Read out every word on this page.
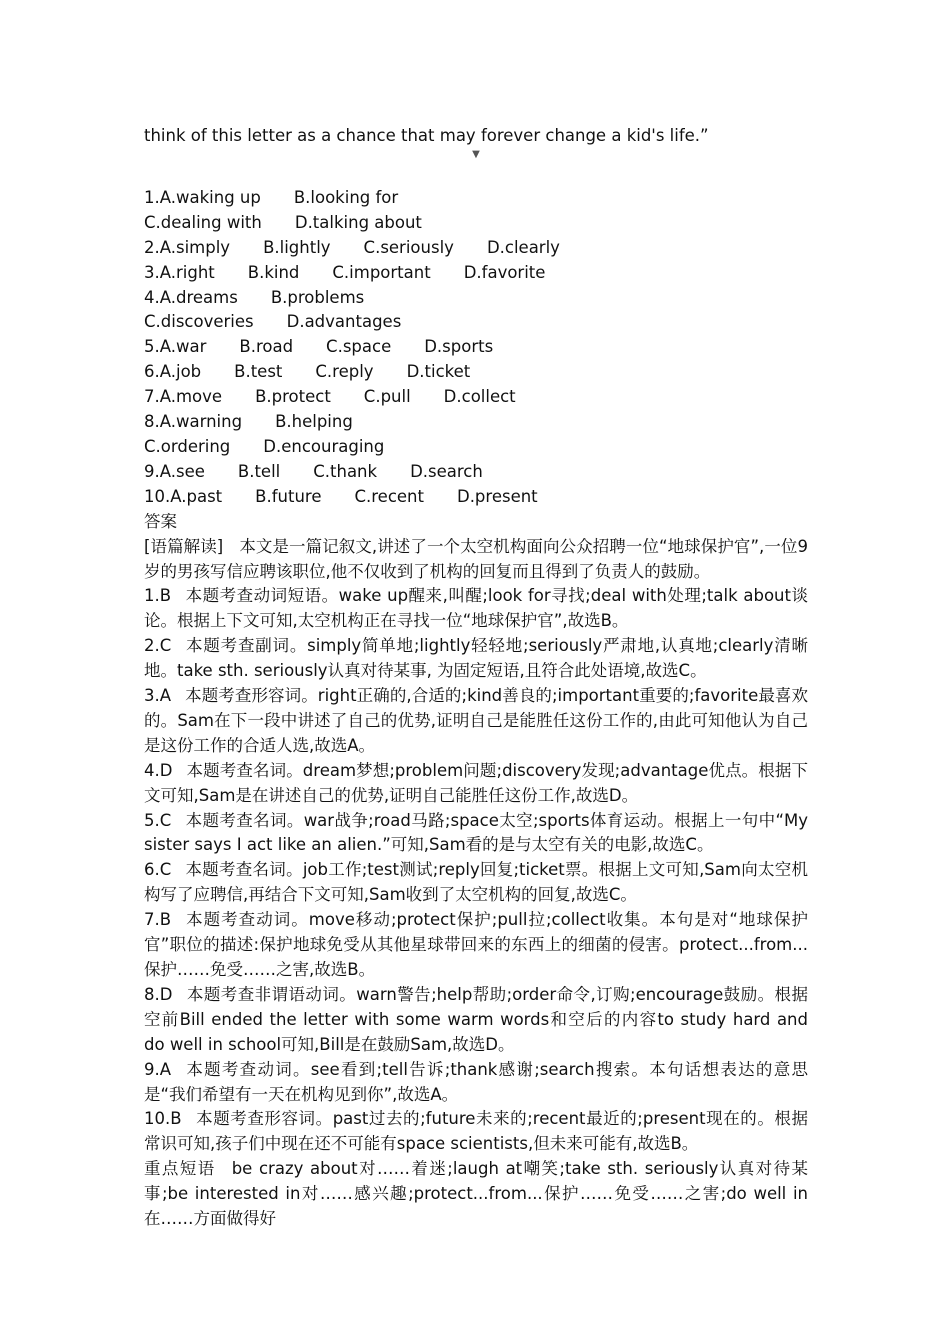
think of this letter as a chance that may forever change a kid's life.”

▼

1.A.waking up B.looking for

C.dealing with D.talking about

2.A.simply B.lightly C.seriously D.clearly

3.A.right B.kind C.important D.favorite

4.A.dreams B.problems

C.discoveries D.advantages

5.A.war B.road C.space D.sports

6.A.job B.test C.reply D.ticket

7.A.move B.protect C.pull D.collect

8.A.warning B.helping

C.ordering D.encouraging

9.A.see B.tell C.thank D.search

10.A.past B.future C.recent D.present

答案

[语篇解读] 本文是一篇记叙文,讲述了一个太空机构面向公众招聘一位“地球保护官”,一位9岁的男孩写信应聘该职位,他不仅收到了机构的回复而且得到了负责人的鼓励。

1.B 本题考查动词短语。wake up醒来,叫醒;look for寻找;deal with处理;talk about谈论。根据上下文可知,太空机构正在寻找一位“地球保护官”,故选B。

2.C 本题考查副词。simply简单地;lightly轻轻地;seriously严肃地,认真地;clearly清晰地。take sth. seriously认真对待某事, 为固定短语,且符合此处语境,故选C。

3.A 本题考查形容词。right正确的,合适的;kind善良的;important重要的;favorite最喜欢的。Sam在下一段中讲述了自己的优势,证明自己是能胜任这份工作的,由此可知他认为自己是这份工作的合适人选,故选A。

4.D 本题考查名词。dream梦想;problem问题;discovery发现;advantage优点。根据下文可知,Sam是在讲述自己的优势,证明自己能胜任这份工作,故选D。

5.C 本题考查名词。war战争;road马路;space太空;sports体育运动。根据上一句中“My sister says I act like an alien.”可知,Sam看的是与太空有关的电影,故选C。

6.C 本题考查名词。job工作;test测试;reply回复;ticket票。根据上文可知,Sam向太空机构写了应聘信,再结合下文可知,Sam收到了太空机构的回复,故选C。

7.B 本题考查动词。move移动;protect保护;pull拉;collect收集。本句是对“地球保护官”职位的描述:保护地球免受从其他星球带回来的东西上的细菌的侵害。protect...from...保护……免受……之害,故选B。

8.D 本题考查非谓语动词。warn警告;help帮助;order命令,订购;encourage鼓励。根据空前Bill ended the letter with some warm words和空后的内容to study hard and do well in school可知,Bill是在鼓励Sam,故选D。

9.A 本题考查动词。see看到;tell告诉;thank感谢;search搜索。本句话想表达的意思是“我们希望有一天在机构见到你”,故选A。

10.B 本题考查形容词。past过去的;future未来的;recent最近的;present现在的。根据常识可知,孩子们中现在还不可能有space scientists,但未来可能有,故选B。

重点短语 be crazy about对……着迷;laugh at嘲笑;take sth. seriously认真对待某事;be interested in对……感兴趣;protect...from...保护……免受……之害;do well in在……方面做得好
